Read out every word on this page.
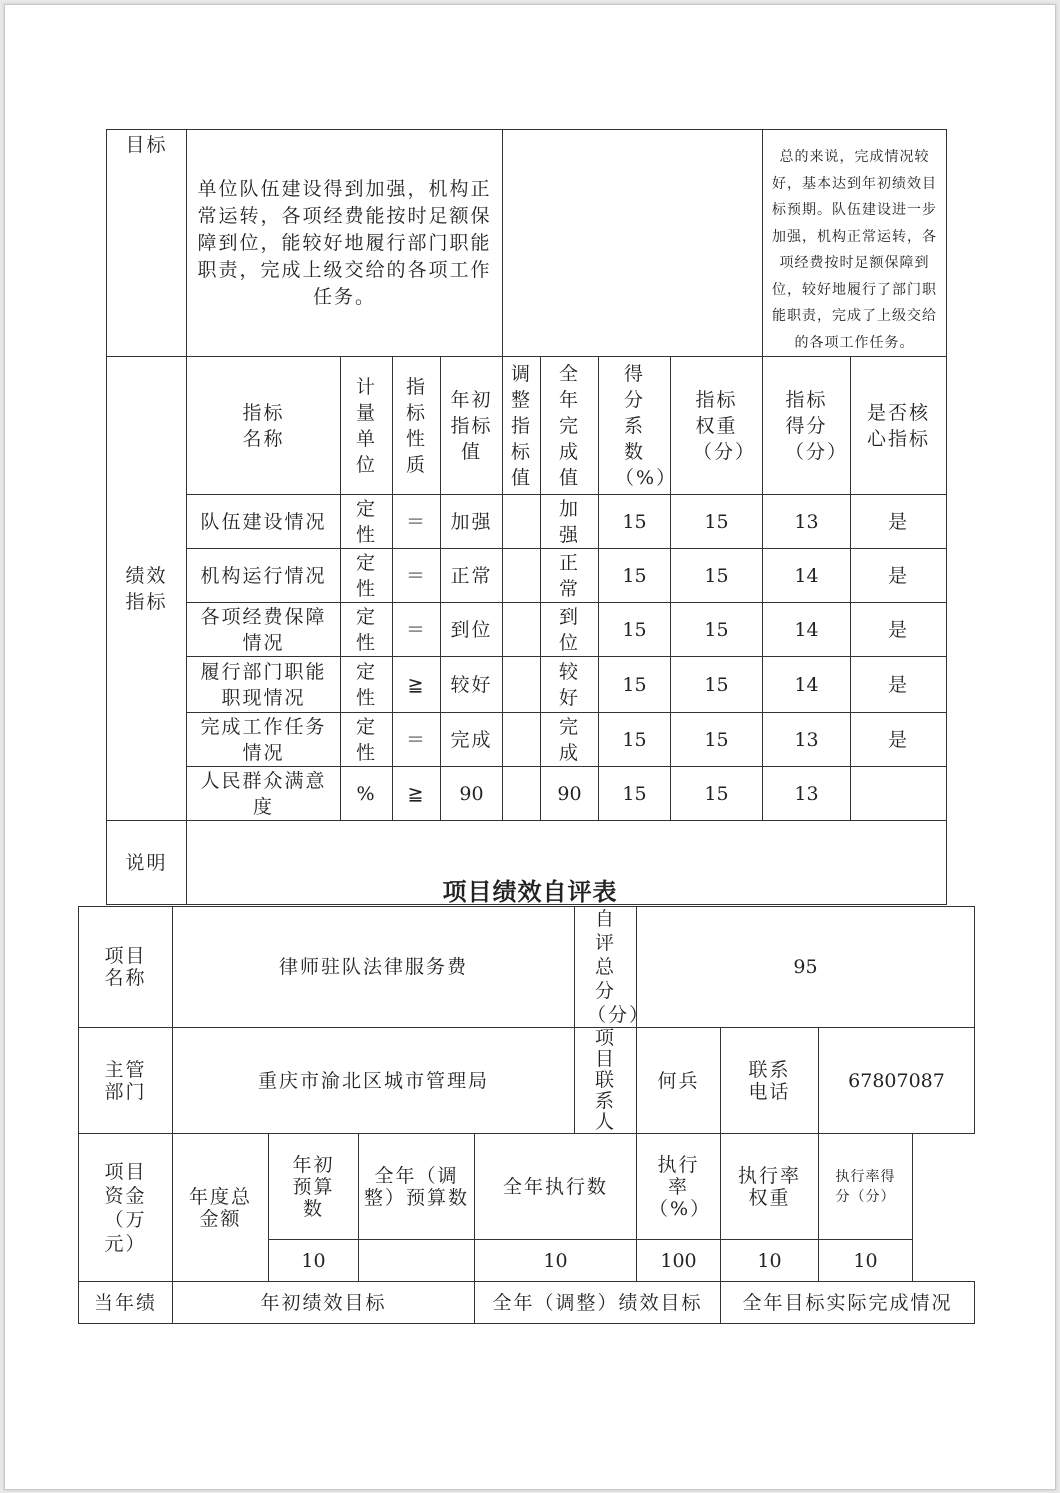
目标	单位队伍建设得到加强，机构正常运转，各项经费能按时足额保障到位，能较好地履行部门职能职责，完成上级交给的各项工作任务。								总的来说，完成情况较好，基本达到年初绩效目标预期。队伍建设进一步加强，机构正常运转，各项经费按时足额保障到位，较好地履行了部门职能职责，完成了上级交给的各项工作任务。	
绩效指标	指标名称	计量单位	指标性质	年初指标值	调整指标值	全年完成值	得分系数（%）	指标权重（分）	指标得分（分）	是否核心指标
	队伍建设情况	定性	＝	加强		加强	15	15	13	是
	机构运行情况	定性	＝	正常		正常	15	15	14	是
	各项经费保障情况	定性	＝	到位		到位	15	15	14	是
	履行部门职能职现情况	定性	≧	较好		较好	15	15	14	是
	完成工作任务情况	定性	＝	完成		完成	15	15	13	是
	人民群众满意度	%	≧	90		90	15	15	13	
说明										
项目绩效自评表
项目名称	律师驻队法律服务费				自评总分（分）	95		
主管部门	重庆市渝北区城市管理局				项目联系人	何兵	联系电话	67807087
项目资金（万元）	年度总金额	年初预算数	全年（调整）预算数	全年执行数		执行率（%）	执行率权重	执行率得分（分）
		10		10		100	10	10
当年绩	年初绩效目标			全年（调整）绩效目标			全年目标实际完成情况	
